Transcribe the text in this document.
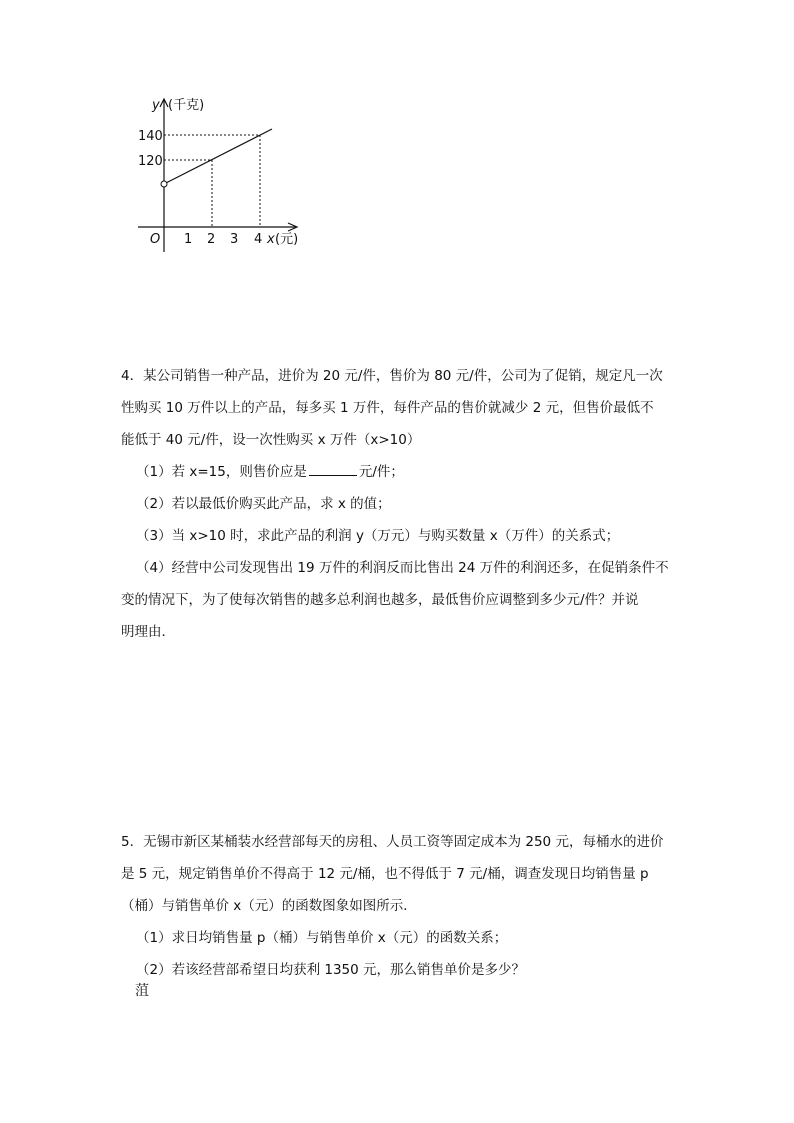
y (千克)
140
120
O 1 2 3 4 x (元)
4．某公司销售一种产品，进价为 20 元/件，售价为 80 元/件，公司为了促销，规定凡一次
性购买 10 万件以上的产品，每多买 1 万件，每件产品的售价就减少 2 元，但售价最低不
能低于 40 元/件，设一次性购买 x 万件（x>10）
（1）若 x=15，则售价应是	元/件；
（2）若以最低价购买此产品，求 x 的值；
（3）当 x>10 时，求此产品的利润 y（万元）与购买数量 x（万件）的关系式；
（4）经营中公司发现售出 19 万件的利润反而比售出 24 万件的利润还多，在促销条件不
变的情况下，为了使每次销售的越多总利润也越多，最低售价应调整到多少元/件？并说
明理由．
5．无锡市新区某桶装水经营部每天的房租、人员工资等固定成本为 250 元，每桶水的进价
是 5 元，规定销售单价不得高于 12 元/桶，也不得低于 7 元/桶，调查发现日均销售量 p
（桶）与销售单价 x（元）的函数图象如图所示．
（1）求日均销售量 p（桶）与销售单价 x（元）的函数关系；
（2）若该经营部希望日均获利 1350 元，那么销售单价是多少？
菹
